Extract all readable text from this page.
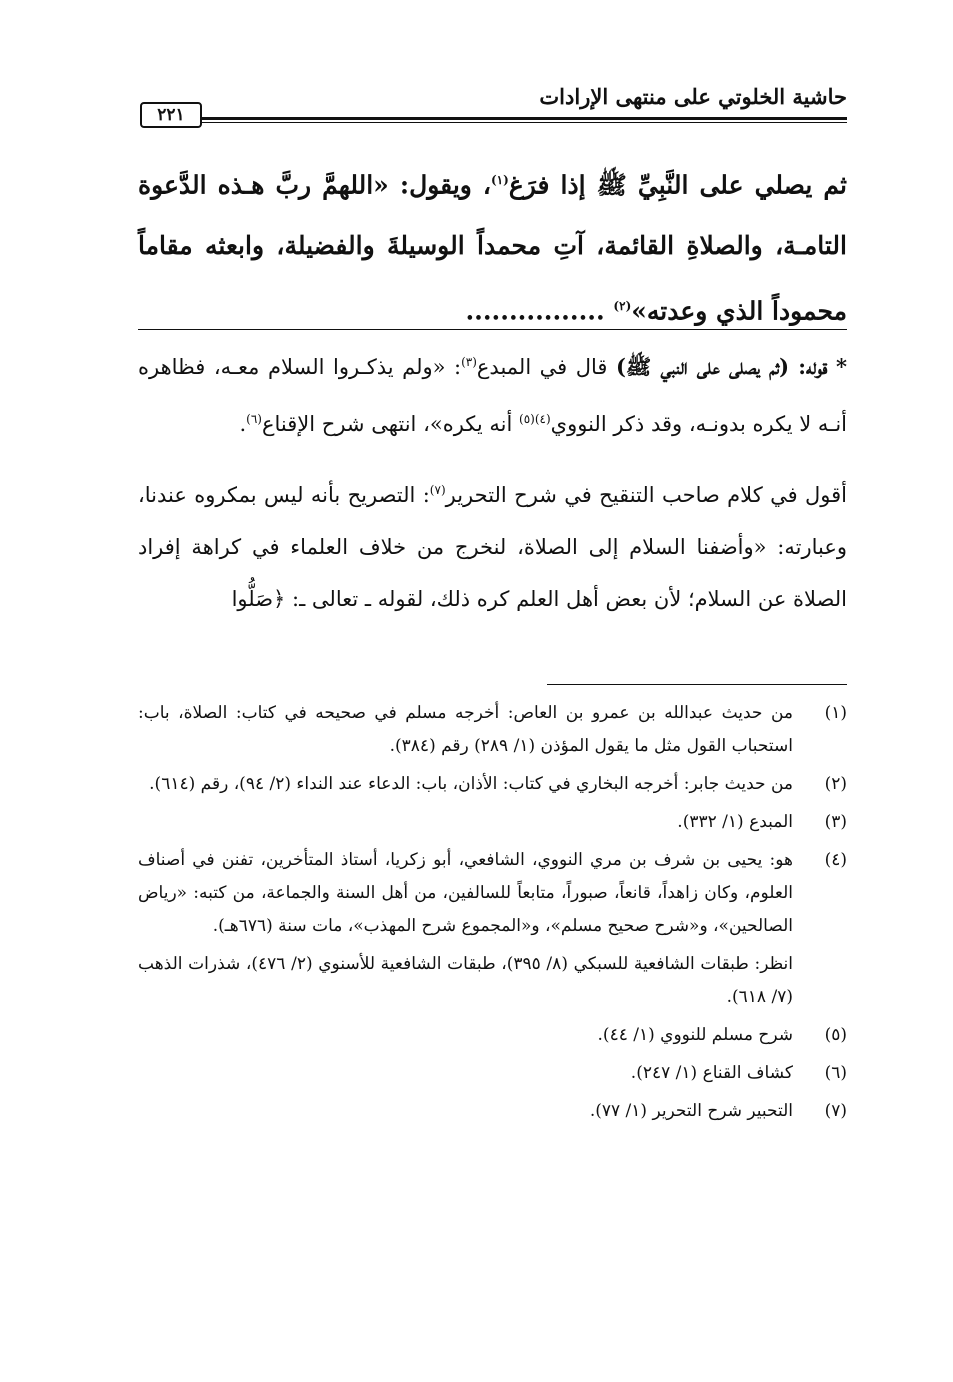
حاشية الخلوتي على منتهى الإرادات
٢٢١
ثم يصلي على النَّبِيِّ ﷺ إذا فرَغ$^{(١)}$، ويقول: «اللهمَّ ربَّ هـذه الدَّعوة التامـة، والصلاةِ القائمة، آتِ محمداً الوسيلةَ والفضيلة، وابعثه مقاماً محموداً الذي وعدته»$^{(٢)}$ ................

* قوله: (ثم يصلى على النبي ﷺ) قال في المبدع$^{(٣)}$: «ولم يذكـروا السلام معـه، فظاهره أنـه لا يكره بدونـه، وقد ذكر النووي$^{(٤)(٥)}$ أنه يكره»، انتهى شرح الإقناع$^{(٦)}$.

أقول في كلام صاحب التنقيح في شرح التحرير$^{(٧)}$: التصريح بأنه ليس بمكروه عندنا، وعبارته: «وأضفنا السلام إلى الصلاة، لنخرج من خلاف العلماء في كراهة إفراد الصلاة عن السلام؛ لأن بعض أهل العلم كره ذلك، لقوله ـ تعالى ـ: ﴿صَلُّوا

(١)
من حديث عبدالله بن عمرو بن العاص: أخرجه مسلم في صحيحه في كتاب: الصلاة، باب: استحباب القول مثل ما يقول المؤذن (١/ ٢٨٩) رقم (٣٨٤).
(٢)
من حديث جابر: أخرجه البخاري في كتاب: الأذان، باب: الدعاء عند النداء (٢/ ٩٤)، رقم (٦١٤).
(٣)
المبدع (١/ ٣٣٢).
(٤)
هو: يحيى بن شرف بن مري النووي، الشافعي، أبو زكريا، أستاذ المتأخرين، تفنن في أصناف العلوم، وكان زاهداً، قانعاً، صبوراً، متابعاً للسالفين، من أهل السنة والجماعة، من كتبه: «رياض الصالحين»، و«شرح صحيح مسلم»، و«المجموع شرح المهذب»، مات سنة (٦٧٦هـ).
انظر: طبقات الشافعية للسبكي (٨/ ٣٩٥)، طبقات الشافعية للأسنوي (٢/ ٤٧٦)، شذرات الذهب (٧/ ٦١٨).
(٥)
شرح مسلم للنووي (١/ ٤٤).
(٦)
كشاف القناع (١/ ٢٤٧).
(٧)
التحبير شرح التحرير (١/ ٧٧).
